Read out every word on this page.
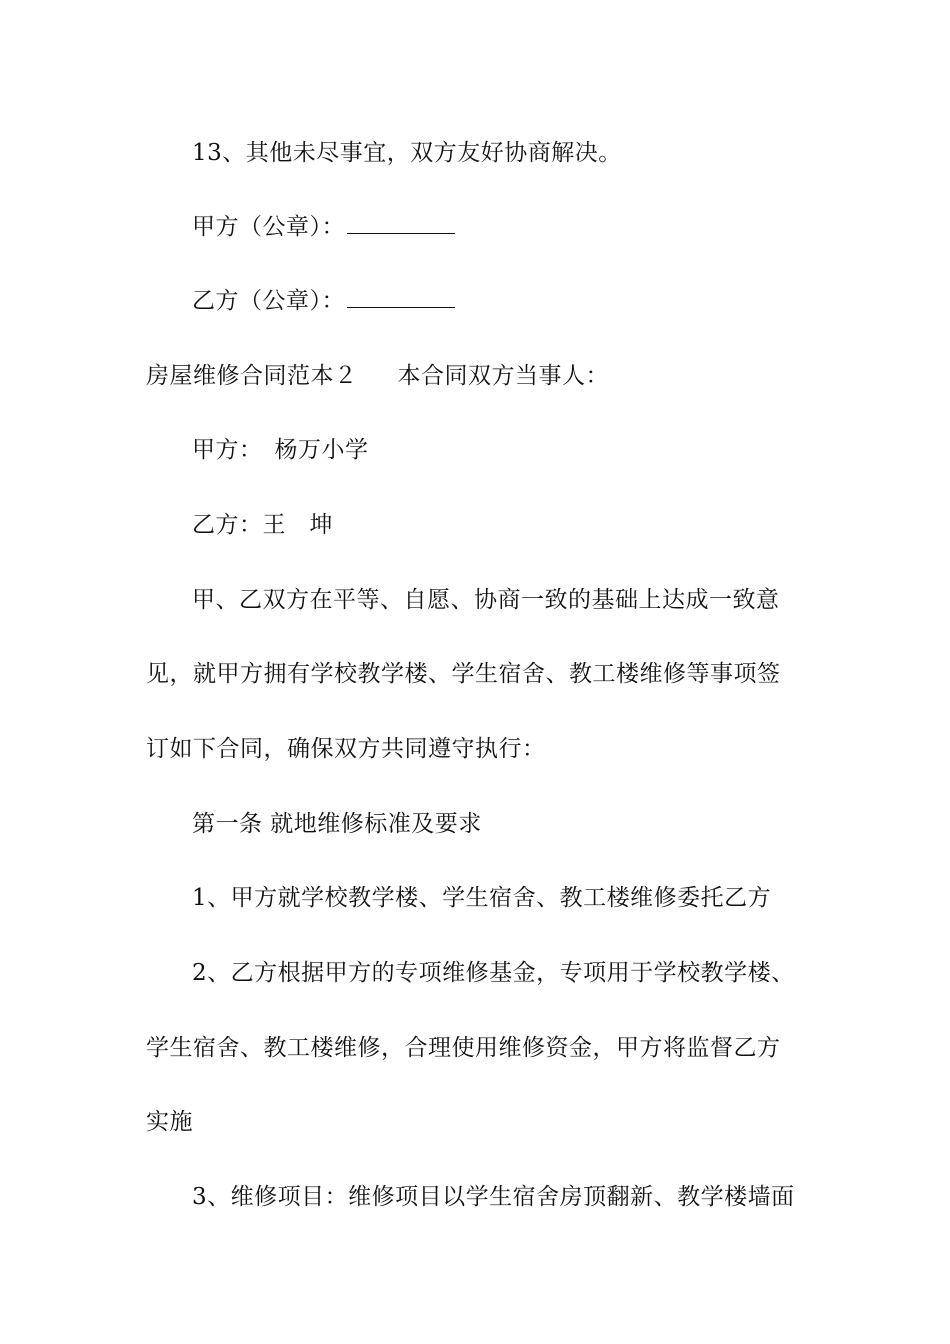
13、其他未尽事宜，双方友好协商解决。
甲方（公章）：
乙方（公章）：
房屋维修合同范本２ 本合同双方当事人：
甲方：　杨万小学
乙方：王　坤
甲、乙双方在平等、自愿、协商一致的基础上达成一致意
见，就甲方拥有学校教学楼、学生宿舍、教工楼维修等事项签
订如下合同，确保双方共同遵守执行：
第一条 就地维修标准及要求
1、甲方就学校教学楼、学生宿舍、教工楼维修委托乙方
2、乙方根据甲方的专项维修基金，专项用于学校教学楼、
学生宿舍、教工楼维修，合理使用维修资金，甲方将监督乙方
实施
3、维修项目：维修项目以学生宿舍房顶翻新、教学楼墙面
